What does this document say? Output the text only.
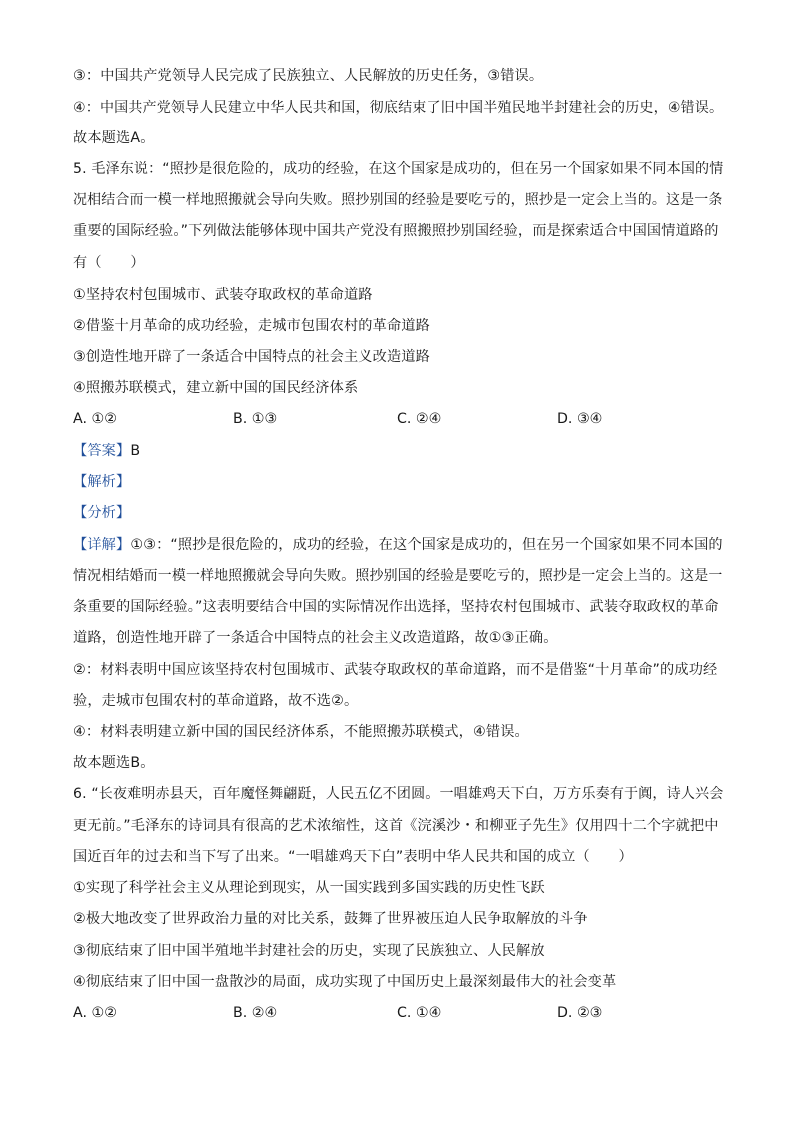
③：中国共产党领导人民完成了民族独立、人民解放的历史任务，③错误。
④：中国共产党领导人民建立中华人民共和国，彻底结束了旧中国半殖民地半封建社会的历史，④错误。
故本题选A。
5. 毛泽东说：“照抄是很危险的，成功的经验，在这个国家是成功的，但在另一个国家如果不同本国的情
况相结合而一模一样地照搬就会导向失败。照抄别国的经验是要吃亏的，照抄是一定会上当的。这是一条
重要的国际经验。”下列做法能够体现中国共产党没有照搬照抄别国经验，而是探索适合中国国情道路的
有（　　）
①坚持农村包围城市、武装夺取政权的革命道路
②借鉴十月革命的成功经验，走城市包围农村的革命道路
③创造性地开辟了一条适合中国特点的社会主义改造道路
④照搬苏联模式，建立新中国的国民经济体系
A. ①②	B. ①③	C. ②④	D. ③④
【答案】B
【解析】
【分析】
【详解】①③：“照抄是很危险的，成功的经验，在这个国家是成功的，但在另一个国家如果不同本国的
情况相结婚而一模一样地照搬就会导向失败。照抄别国的经验是要吃亏的，照抄是一定会上当的。这是一
条重要的国际经验。”这表明要结合中国的实际情况作出选择，坚持农村包围城市、武装夺取政权的革命
道路，创造性地开辟了一条适合中国特点的社会主义改造道路，故①③正确。
②：材料表明中国应该坚持农村包围城市、武装夺取政权的革命道路，而不是借鉴“十月革命”的成功经
验，走城市包围农村的革命道路，故不选②。
④：材料表明建立新中国的国民经济体系，不能照搬苏联模式，④错误。
故本题选B。
6. “长夜难明赤县天，百年魔怪舞翩跹，人民五亿不团圆。一唱雄鸡天下白，万方乐奏有于阗，诗人兴会
更无前。”毛泽东的诗词具有很高的艺术浓缩性，这首《浣溪沙・和柳亚子先生》仅用四十二个字就把中
国近百年的过去和当下写了出来。“一唱雄鸡天下白”表明中华人民共和国的成立（　　）
①实现了科学社会主义从理论到现实，从一国实践到多国实践的历史性飞跃
②极大地改变了世界政治力量的对比关系，鼓舞了世界被压迫人民争取解放的斗争
③彻底结束了旧中国半殖地半封建社会的历史，实现了民族独立、人民解放
④彻底结束了旧中国一盘散沙的局面，成功实现了中国历史上最深刻最伟大的社会变革
A. ①②	B. ②④	C. ①④	D. ②③
